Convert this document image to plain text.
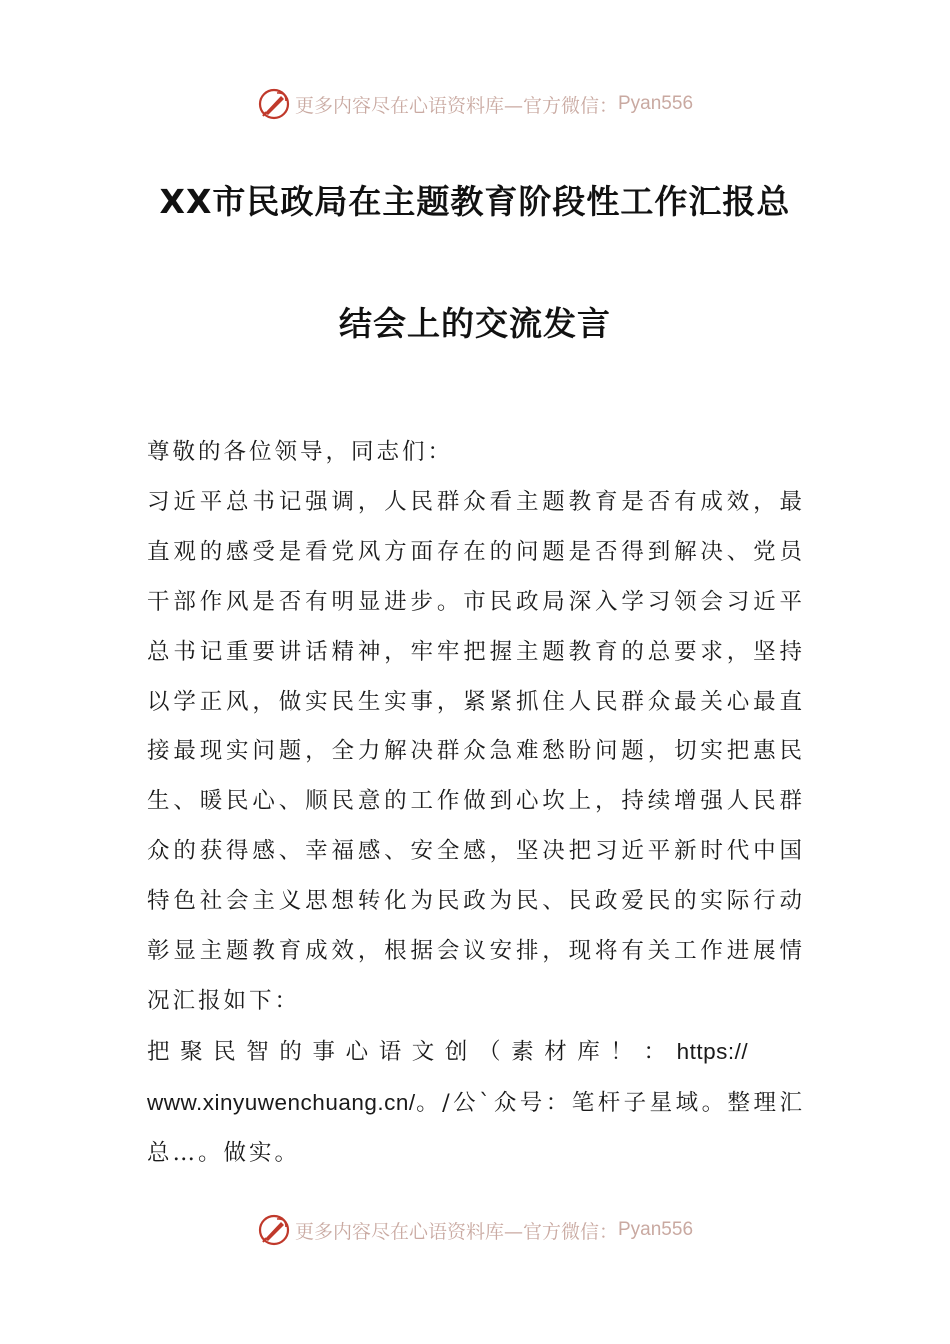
更多内容尽在心语资料库—官方微信： Pyan556
XX市民政局在主题教育阶段性工作汇报总
结会上的交流发言

尊敬的各位领导，同志们：

习近平总书记强调，人民群众看主题教育是否有成效，最直观的感受是看党风方面存在的问题是否得到解决、党员干部作风是否有明显进步。市民政局深入学习领会习近平总书记重要讲话精神，牢牢把握主题教育的总要求，坚持以学正风，做实民生实事，紧紧抓住人民群众最关心最直接最现实问题，全力解决群众急难愁盼问题，切实把惠民生、暖民心、顺民意的工作做到心坎上，持续增强人民群众的获得感、幸福感、安全感，坚决把习近平新时代中国特色社会主义思想转化为民政为民、民政爱民的实际行动彰显主题教育成效，根据会议安排，现将有关工作进展情况汇报如下：

把聚民智的事心语文创（素材库！：https://
www.xinyuwenchuang.cn/。/公`众号：笔杆子星域。整理汇总…。做实。

更多内容尽在心语资料库—官方微信： Pyan556
